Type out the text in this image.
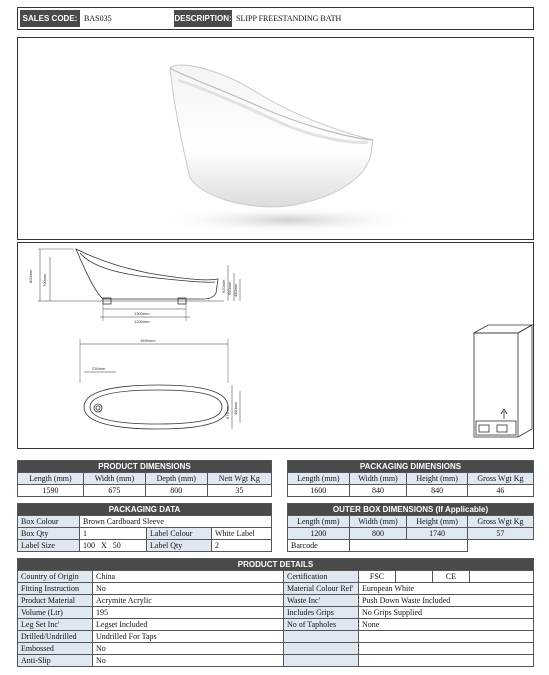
SALES CODE: BAS035	DESCRIPTION: SLIPP FREESTANDING BATH
800mm 700mm	620mm 560mm 440mm
1300mm
1200mm
1590mm
230mm
675mm 460mm
PRODUCT DIMENSIONS			
Length (mm)	Width (mm)	Depth (mm)	Nett Wgt Kg
1590	675	800	35
PACKAGING DIMENSIONS			
Length (mm)	Width (mm)	Height (mm)	Gross Wgt Kg
1600	840	840	46
PACKAGING DATA			
Box Colour	Brown Cardboard Sleeve		
Box Qty	1	Label Colour	White Label
Label Size	100   X   50	Label Qty	2
OUTER BOX DIMENSIONS (If Applicable)			
Length (mm)	Width (mm)	Height (mm)	Gross Wgt Kg
1200	800	1740	57
Barcode			
PRODUCT DETAILS			
Country of Origin	China	Certification	FSC CE

Fitting Instruction	No	Material Colour Ref'	European White
Product Material	Acrymite Acrylic	Waste Inc'	Push Down Waste Included
Volume (Ltr)	195	Includes Grips	No Grips Supplied
Leg Set Inc'	Legset Included	No of Tapholes	None
Drilled/Undrilled	Undrilled For Taps		
Embossed	No		
Anti-Slip	No		
